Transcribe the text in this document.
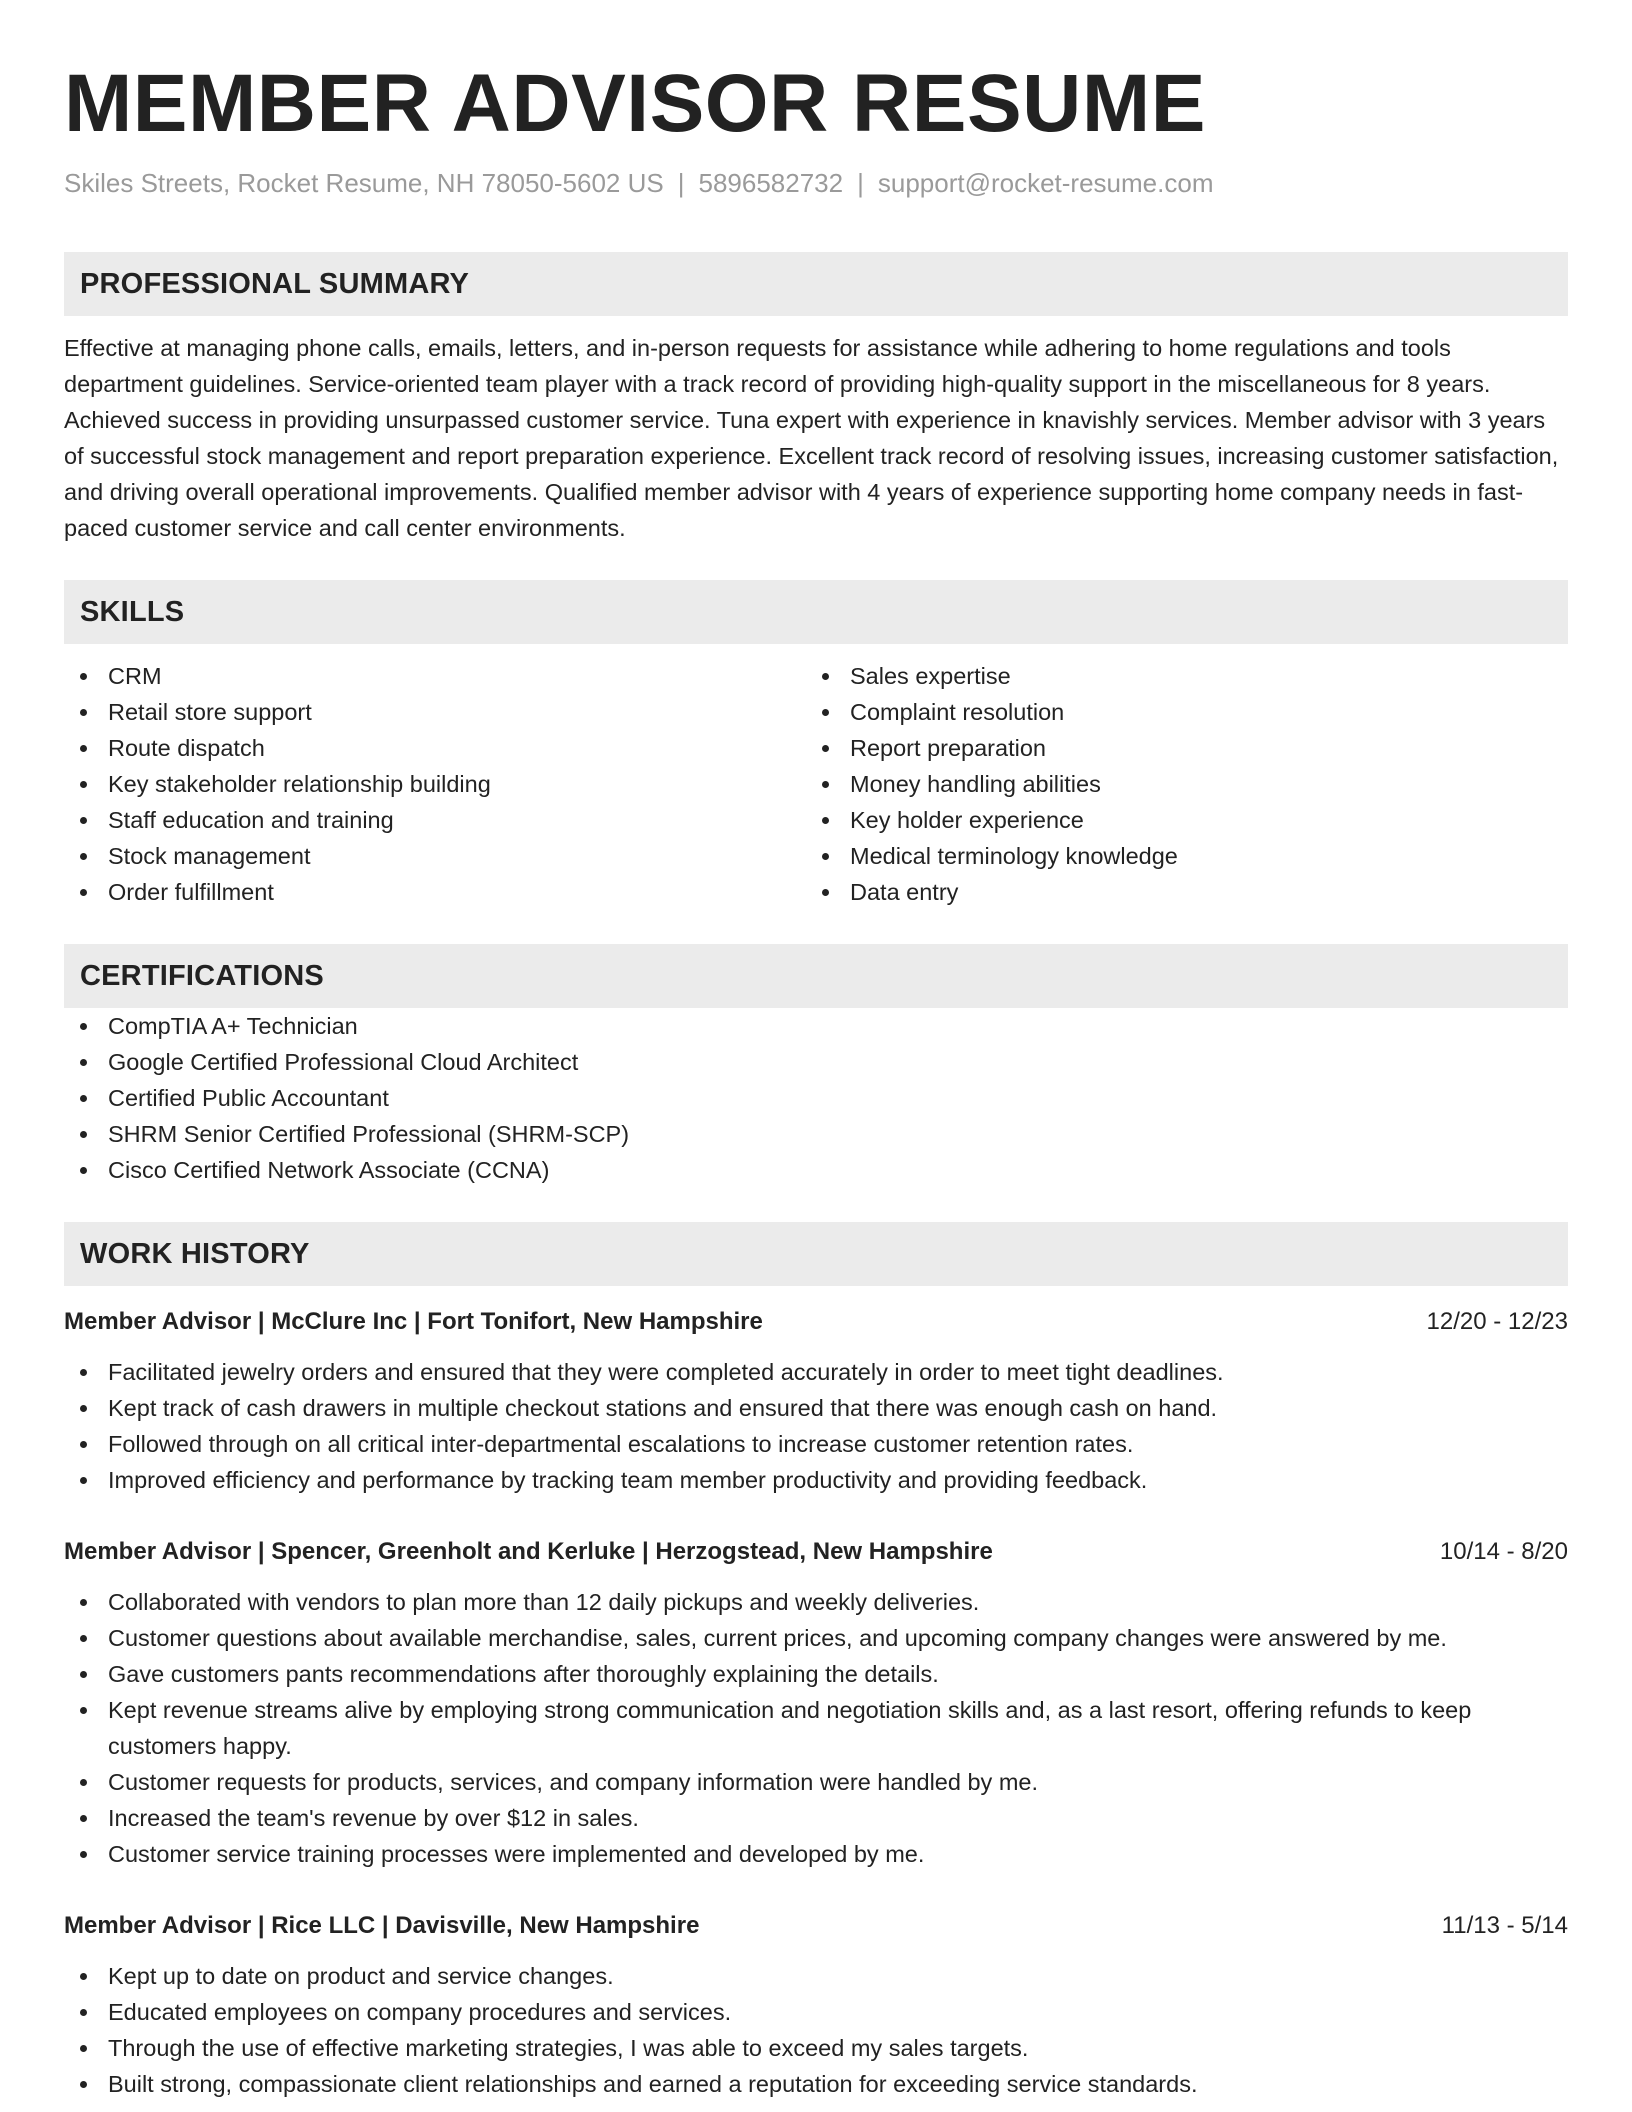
MEMBER ADVISOR RESUME
Skiles Streets, Rocket Resume, NH 78050-5602 US | 5896582732 | support@rocket-resume.com
PROFESSIONAL SUMMARY

Effective at managing phone calls, emails, letters, and in-person requests for assistance while adhering to home regulations and tools department guidelines. Service-oriented team player with a track record of providing high-quality support in the miscellaneous for 8 years. Achieved success in providing unsurpassed customer service. Tuna expert with experience in knavishly services. Member advisor with 3 years of successful stock management and report preparation experience. Excellent track record of resolving issues, increasing customer satisfaction, and driving overall operational improvements. Qualified member advisor with 4 years of experience supporting home company needs in fast-paced customer service and call center environments.

SKILLS
CRM
Retail store support
Route dispatch
Key stakeholder relationship building
Staff education and training
Stock management
Order fulfillment
Sales expertise
Complaint resolution
Report preparation
Money handling abilities
Key holder experience
Medical terminology knowledge
Data entry
CERTIFICATIONS
CompTIA A+ Technician
Google Certified Professional Cloud Architect
Certified Public Accountant
SHRM Senior Certified Professional (SHRM-SCP)
Cisco Certified Network Associate (CCNA)
WORK HISTORY
Member Advisor | McClure Inc | Fort Tonifort, New Hampshire	12/20 - 12/23
Facilitated jewelry orders and ensured that they were completed accurately in order to meet tight deadlines.
Kept track of cash drawers in multiple checkout stations and ensured that there was enough cash on hand.
Followed through on all critical inter-departmental escalations to increase customer retention rates.
Improved efficiency and performance by tracking team member productivity and providing feedback.
Member Advisor | Spencer, Greenholt and Kerluke | Herzogstead, New Hampshire	10/14 - 8/20
Collaborated with vendors to plan more than 12 daily pickups and weekly deliveries.
Customer questions about available merchandise, sales, current prices, and upcoming company changes were answered by me.
Gave customers pants recommendations after thoroughly explaining the details.
Kept revenue streams alive by employing strong communication and negotiation skills and, as a last resort, offering refunds to keep customers happy.
Customer requests for products, services, and company information were handled by me.
Increased the team's revenue by over $12 in sales.
Customer service training processes were implemented and developed by me.
Member Advisor | Rice LLC | Davisville, New Hampshire	11/13 - 5/14
Kept up to date on product and service changes.
Educated employees on company procedures and services.
Through the use of effective marketing strategies, I was able to exceed my sales targets.
Built strong, compassionate client relationships and earned a reputation for exceeding service standards.
